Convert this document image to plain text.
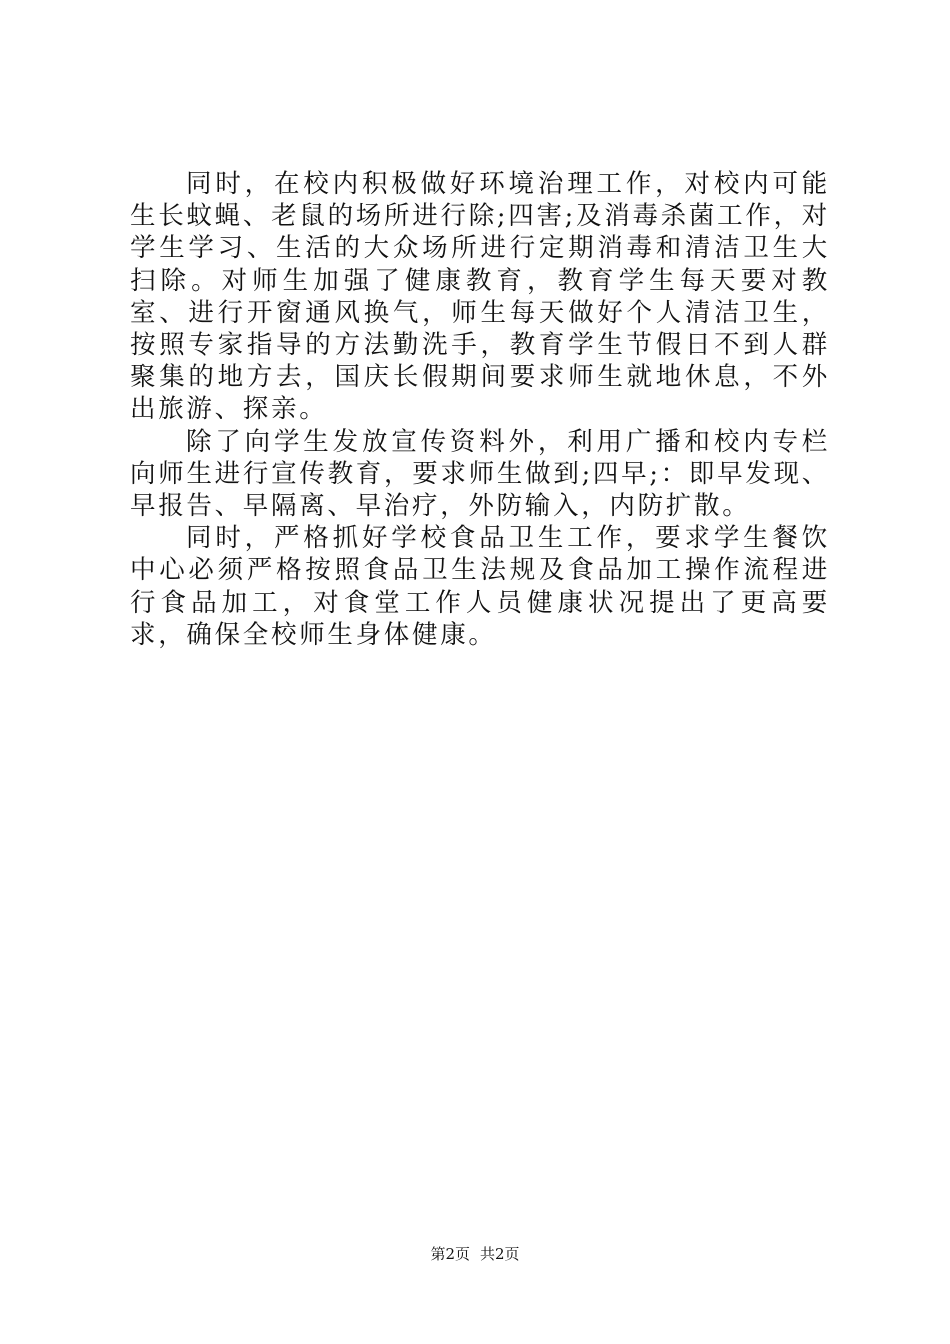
同时，在校内积极做好环境治理工作，对校内可能生长蚊蝇、老鼠的场所进行除;四害;及消毒杀菌工作，对学生学习、生活的大众场所进行定期消毒和清洁卫生大扫除。对师生加强了健康教育，教育学生每天要对教室、进行开窗通风换气，师生每天做好个人清洁卫生，按照专家指导的方法勤洗手，教育学生节假日不到人群聚集的地方去，国庆长假期间要求师生就地休息，不外出旅游、探亲。

除了向学生发放宣传资料外，利用广播和校内专栏向师生进行宣传教育，要求师生做到;四早;：即早发现、早报告、早隔离、早治疗，外防输入，内防扩散。

同时，严格抓好学校食品卫生工作，要求学生餐饮中心必须严格按照食品卫生法规及食品加工操作流程进行食品加工，对食堂工作人员健康状况提出了更高要求，确保全校师生身体健康。

第2页 共2页
